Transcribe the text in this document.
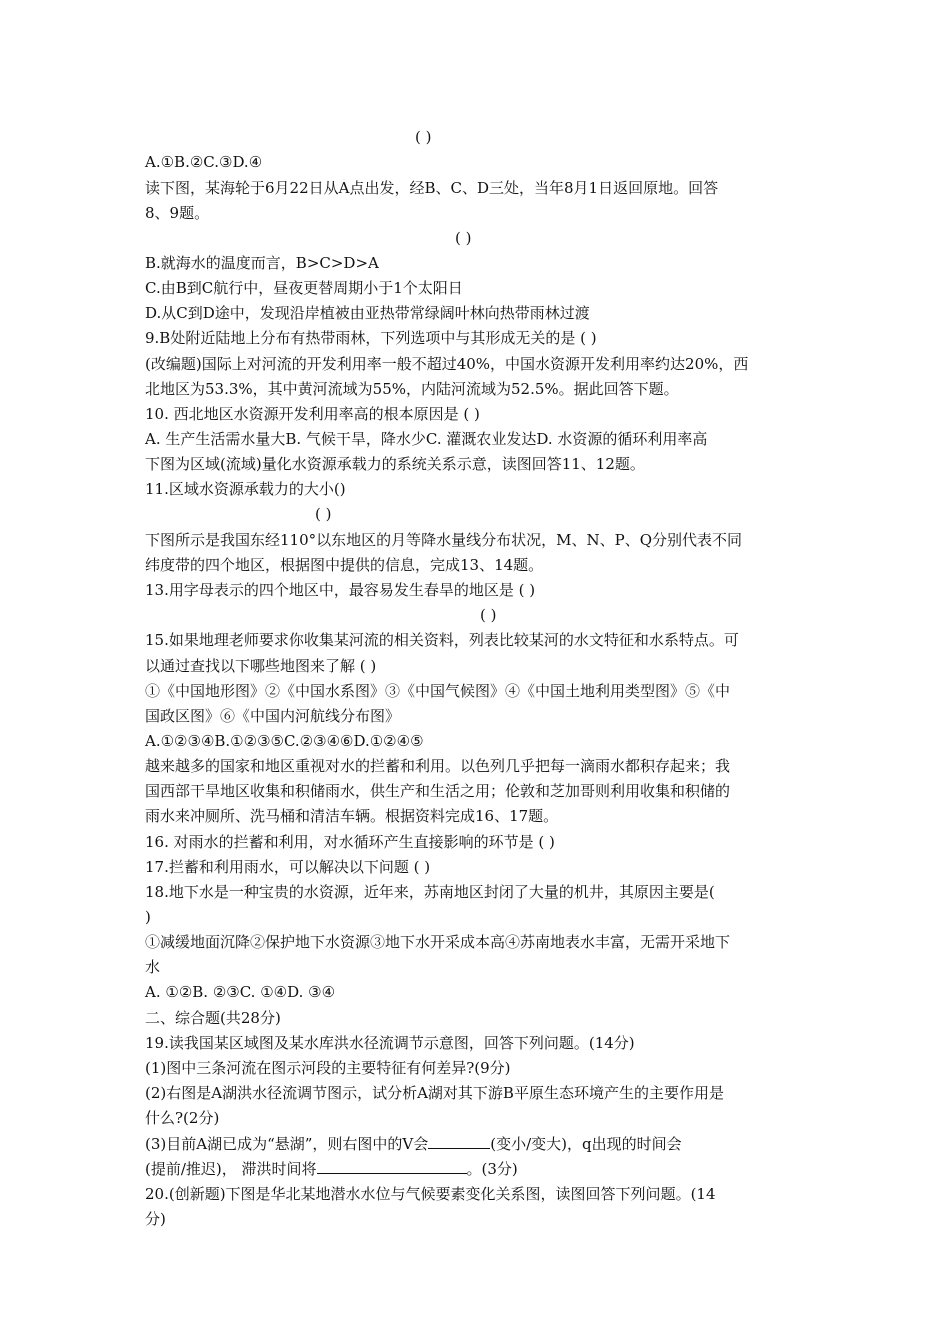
( )
A.①B.②C.③D.④
读下图，某海轮于6月22日从A点出发，经B、C、D三处，当年8月1日返回原地。回答
8、9题。
( )
B.就海水的温度而言，B>C>D>A
C.由B到C航行中，昼夜更替周期小于1个太阳日
D.从C到D途中，发现沿岸植被由亚热带常绿阔叶林向热带雨林过渡
9.B处附近陆地上分布有热带雨林，下列选项中与其形成无关的是 ( )
(改编题)国际上对河流的开发利用率一般不超过40%，中国水资源开发利用率约达20%，西
北地区为53.3%，其中黄河流域为55%，内陆河流域为52.5%。据此回答下题。
10. 西北地区水资源开发利用率高的根本原因是 ( )
A. 生产生活需水量大B. 气候干旱，降水少C. 灌溉农业发达D. 水资源的循环利用率高
下图为区域(流域)量化水资源承载力的系统关系示意，读图回答11、12题。
11.区域水资源承载力的大小()
( )
下图所示是我国东经110°以东地区的月等降水量线分布状况，M、N、P、Q分别代表不同
纬度带的四个地区，根据图中提供的信息，完成13、14题。
13.用字母表示的四个地区中，最容易发生春旱的地区是 ( )
( )
15.如果地理老师要求你收集某河流的相关资料，列表比较某河的水文特征和水系特点。可
以通过查找以下哪些地图来了解 ( )
①《中国地形图》②《中国水系图》③《中国气候图》④《中国土地利用类型图》⑤《中
国政区图》⑥《中国内河航线分布图》
A.①②③④B.①②③⑤C.②③④⑥D.①②④⑤
越来越多的国家和地区重视对水的拦蓄和利用。以色列几乎把每一滴雨水都积存起来；我
国西部干旱地区收集和积储雨水，供生产和生活之用；伦敦和芝加哥则利用收集和积储的
雨水来冲厕所、洗马桶和清洁车辆。根据资料完成16、17题。
16. 对雨水的拦蓄和利用，对水循环产生直接影响的环节是 ( )
17.拦蓄和利用雨水，可以解决以下问题 ( )
18.地下水是一种宝贵的水资源，近年来，苏南地区封闭了大量的机井，其原因主要是(
)
①减缓地面沉降②保护地下水资源③地下水开采成本高④苏南地表水丰富，无需开采地下
水
A. ①②B. ②③C. ①④D. ③④
二、综合题(共28分)
19.读我国某区域图及某水库洪水径流调节示意图，回答下列问题。(14分)
(1)图中三条河流在图示河段的主要特征有何差异?(9分)
(2)右图是A湖洪水径流调节图示，试分析A湖对其下游B平原生态环境产生的主要作用是
什么?(2分)
(3)目前A湖已成为“悬湖”，则右图中的V会	(变小/变大)，q出现的时间会
(提前/推迟)， 滞洪时间将	。(3分)
20.(创新题)下图是华北某地潜水水位与气候要素变化关系图，读图回答下列问题。(14
分)
